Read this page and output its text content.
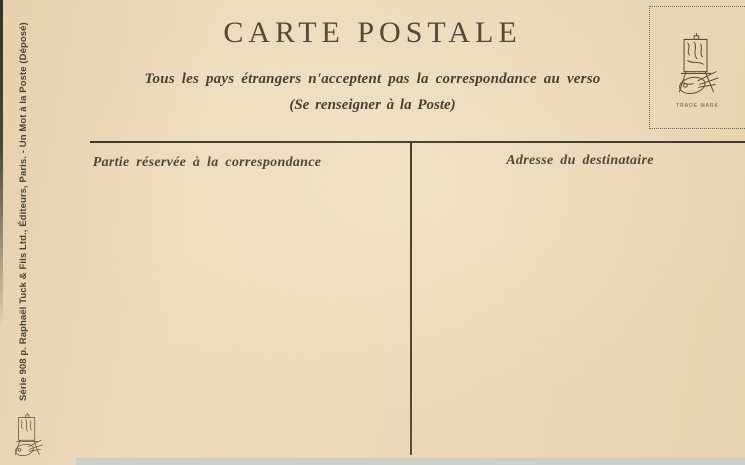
CARTE POSTALE
Tous les pays étrangers n'acceptent pas la correspondance au verso
(Se renseigner à la Poste)	TRADE MARK
Partie réservée à la correspondance	Adresse du destinataire
Série 908 p. Raphaël Tuck & Fils Ltd., Éditeurs, Paris. - Un Mot à la Poste (Déposé)
